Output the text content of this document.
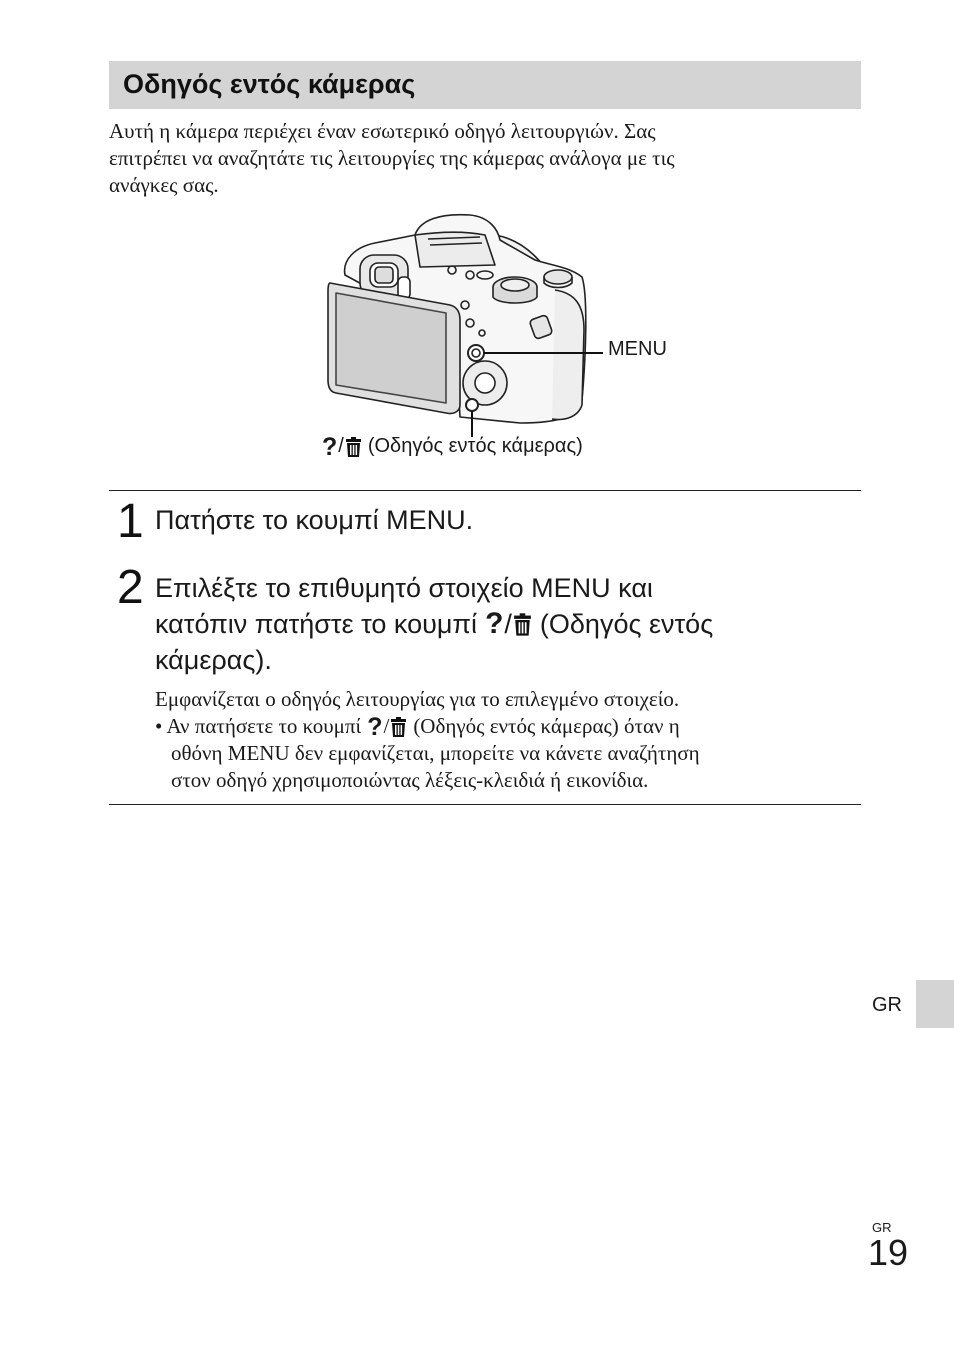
Οδηγός εντός κάμερας
Αυτή η κάμερα περιέχει έναν εσωτερικό οδηγό λειτουργιών. Σας
επιτρέπει να αναζητάτε τις λειτουργίες της κάμερας ανάλογα με τις
ανάγκες σας.
MENU
? / (Οδηγός εντός κάμερας)
1 Πατήστε το κουμπί MENU.
2 Επιλέξτε το επιθυμητό στοιχείο MENU και
κατόπιν πατήστε το κουμπί ? / (Οδηγός εντός
κάμερας).
Εμφανίζεται ο οδηγός λειτουργίας για το επιλεγμένο στοιχείο.
• Αν πατήσετε το κουμπί ? / (Οδηγός εντός κάμερας) όταν η
οθόνη MENU δεν εμφανίζεται, μπορείτε να κάνετε αναζήτηση
στον οδηγό χρησιμοποιώντας λέξεις-κλειδιά ή εικονίδια.
GR
GR
19
